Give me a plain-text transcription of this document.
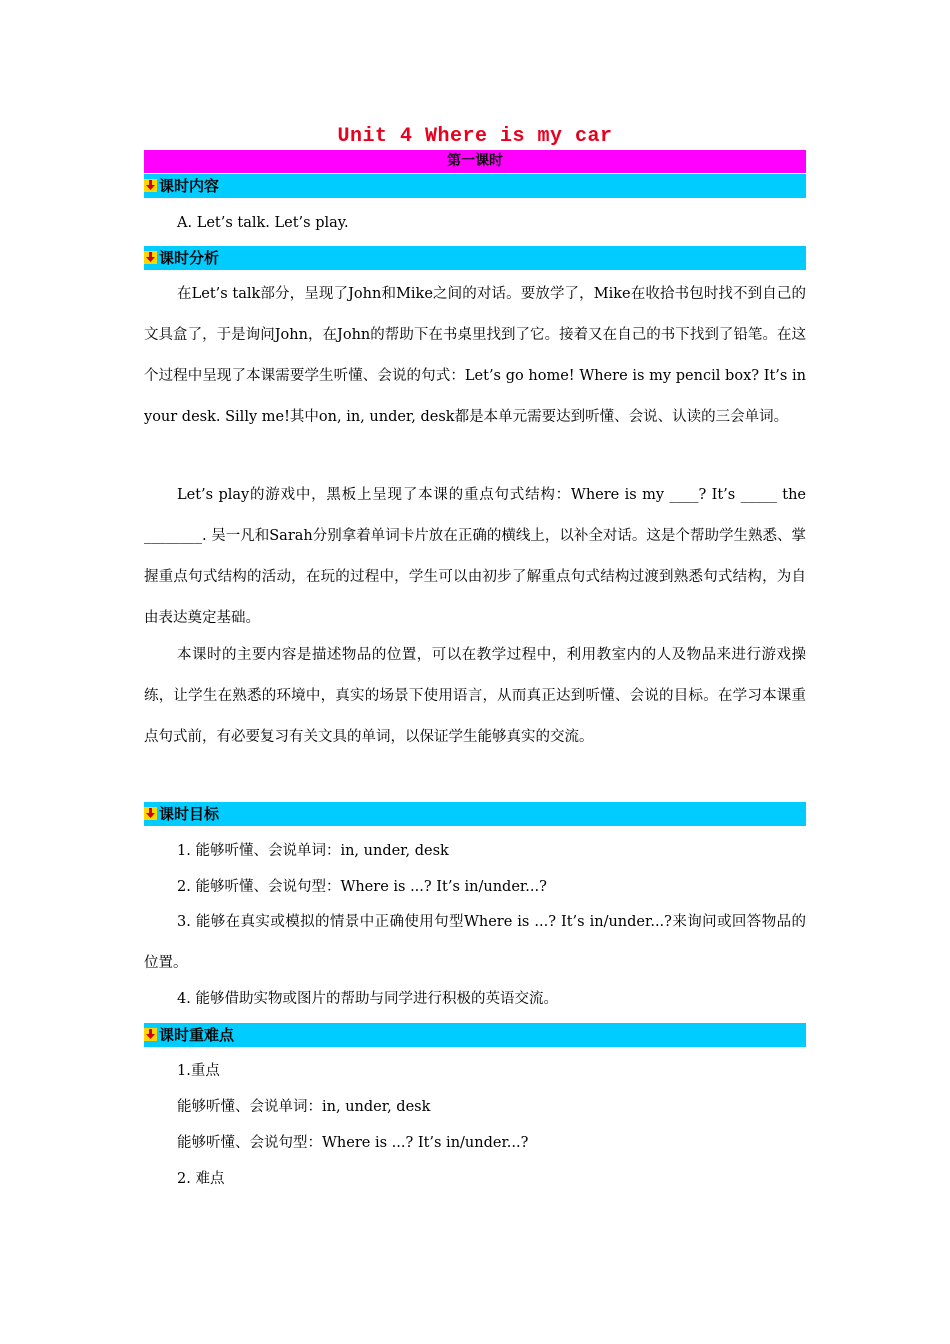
Unit 4 Where is my car
第一课时
课时内容
A. Let’s talk. Let’s play.
课时分析
在Let’s talk部分，呈现了John和Mike之间的对话。要放学了，Mike在收拾书包时找不到自己的文具盒了，于是询问John，在John的帮助下在书桌里找到了它。接着又在自己的书下找到了铅笔。在这个过程中呈现了本课需要学生听懂、会说的句式：Let’s go home! Where is my pencil box? It’s in your desk. Silly me!其中on, in, under, desk都是本单元需要达到听懂、会说、认读的三会单词。
Let’s play的游戏中，黑板上呈现了本课的重点句式结构：Where is my ____? It’s _____ the ________. 吴一凡和Sarah分别拿着单词卡片放在正确的横线上，以补全对话。这是个帮助学生熟悉、掌握重点句式结构的活动，在玩的过程中，学生可以由初步了解重点句式结构过渡到熟悉句式结构，为自由表达奠定基础。
本课时的主要内容是描述物品的位置，可以在教学过程中，利用教室内的人及物品来进行游戏操练，让学生在熟悉的环境中，真实的场景下使用语言，从而真正达到听懂、会说的目标。在学习本课重点句式前，有必要复习有关文具的单词，以保证学生能够真实的交流。
课时目标
1. 能够听懂、会说单词：in, under, desk
2. 能够听懂、会说句型：Where is ...? It’s in/under...?
3. 能够在真实或模拟的情景中正确使用句型Where is ...? It’s in/under...?来询问或回答物品的位置。
4. 能够借助实物或图片的帮助与同学进行积极的英语交流。
课时重难点
1.重点
能够听懂、会说单词：in, under, desk
能够听懂、会说句型：Where is ...? It’s in/under...?
2. 难点
